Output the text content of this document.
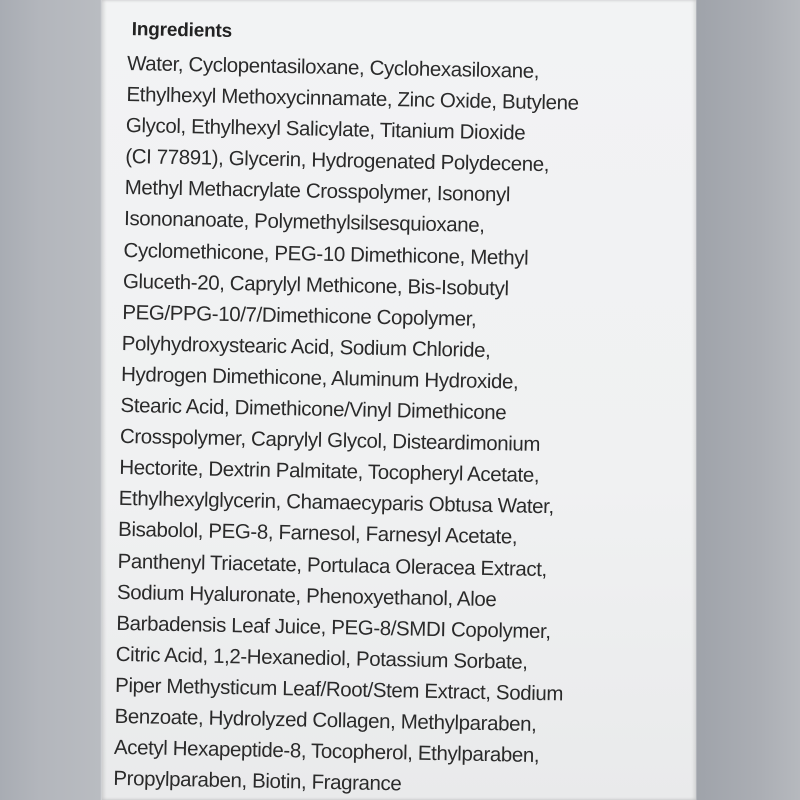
Ingredients
Water, Cyclopentasiloxane, Cyclohexasiloxane,
Ethylhexyl Methoxycinnamate, Zinc Oxide, Butylene
Glycol, Ethylhexyl Salicylate, Titanium Dioxide
(CI 77891), Glycerin, Hydrogenated Polydecene,
Methyl Methacrylate Crosspolymer, Isononyl
Isononanoate, Polymethylsilsesquioxane,
Cyclomethicone, PEG-10 Dimethicone, Methyl
Gluceth-20, Caprylyl Methicone, Bis-Isobutyl
PEG/PPG-10/7/Dimethicone Copolymer,
Polyhydroxystearic Acid, Sodium Chloride,
Hydrogen Dimethicone, Aluminum Hydroxide,
Stearic Acid, Dimethicone/Vinyl Dimethicone
Crosspolymer, Caprylyl Glycol, Disteardimonium
Hectorite, Dextrin Palmitate, Tocopheryl Acetate,
Ethylhexylglycerin, Chamaecyparis Obtusa Water,
Bisabolol, PEG-8, Farnesol, Farnesyl Acetate,
Panthenyl Triacetate, Portulaca Oleracea Extract,
Sodium Hyaluronate, Phenoxyethanol, Aloe
Barbadensis Leaf Juice, PEG-8/SMDI Copolymer,
Citric Acid, 1,2-Hexanediol, Potassium Sorbate,
Piper Methysticum Leaf/Root/Stem Extract, Sodium
Benzoate, Hydrolyzed Collagen, Methylparaben,
Acetyl Hexapeptide-8, Tocopherol, Ethylparaben,
Propylparaben, Biotin, Fragrance
